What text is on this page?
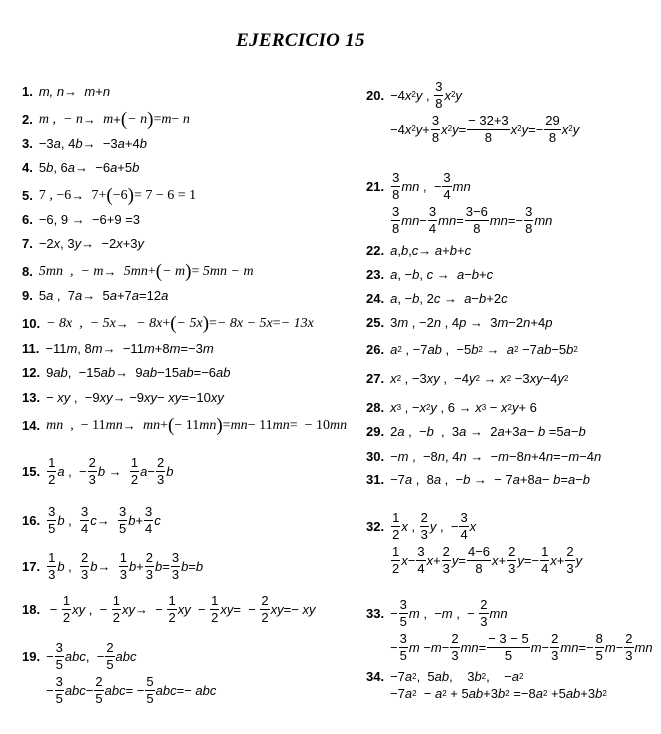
EJERCICIO 15
1. m, n → m + n
2. m ,  − n → m + ( − n ) = m − n
3. −3 a , 4 b →  −3 a +4 b
4. 5 b , 6 a →  −6 a +5 b
5. 7 , −6 → 7+ ( −6 ) = 7 − 6 = 1
6. −6, 9 →  −6+9 =3
7. −2 x , 3 y →  −2 x +3 y
8. 5mn  ,  − m → 5mn + ( − m ) = 5mn − m
9. 5 a ,  7 a →  5 a +7 a =12 a
10. − 8x  ,  − 5x → − 8x + ( − 5x ) = − 8x − 5x = − 13x
11. −11 m , 8 m →  −11 m +8 m =−3 m
12. 9 ab ,  −15 ab →  9 ab −15 ab =−6 ab
13. − xy ,  −9 xy → −9 xy − xy =−10 xy
14. mn ,  − 11 mn → mn + ( − 11 mn ) = mn − 11 mn =  − 10 mn
15.
1
2
a ,  − $\frac{2}{3}$ b →
1
2
$a - \frac{2}{3}$ b
16.
3
5
b ,
3
4
c →
3
5
$b + \frac{3}{4}$ c
17.
1
3
b ,
2
3
b →
1
3
$b + \frac{2}{3}$ $b = \frac{3}{3}$ b = b
18. − $\frac{1}{2}$ xy ,  − $\frac{1}{2}$ xy →  − $\frac{1}{2}$ xy − $\frac{1}{2}$ xy =  − $\frac{2}{2}$ xy =− xy
19. − $\frac{3}{5}$ abc ,  − $\frac{2}{5}$ abc
− $\frac{3}{5}$ abc − $\frac{2}{5}$ abc = − $\frac{5}{5}$ abc =− abc
20. −4 x 2 y ,
3
8
x 2 y
−4 x 2 $y + \frac{3}{8}$ x 2 $y = \frac{- 32+3}{8}$ x 2 $y =- \frac{29}{8}$ x 2 y
21.
3
8
mn ,  − $\frac{3}{4}$ mn
3
8
mn − $\frac{3}{4}$ mn = $\frac{3-6}{8}$ mn =− $\frac{3}{8}$ mn
22. a , b , c → a + b + c
23. a , − b , c → a − b + c
24. a , − b , 2 c → a − b +2 c
25. 3 m , −2 n , 4 p →  3 m −2 n +4 p
26. a 2 , −7 ab ,  −5 b 2 → a 2 −7 ab −5 b 2
27. x 2 , −3 xy ,  −4 y 2 → x 2 −3 xy −4 y 2
28. x 3 , − x 2 y , 6 → x 3 − x 2 y + 6
29. 2 a ,  − b ,  3 a →  2 a +3 a − b =5 a − b
30. − m ,  −8 n , 4 n →  − m −8 n +4 n =− m −4 n
31. −7 a ,  8 a ,  − b →  − 7 a +8 a − b = a − b
32.
1
2
x ,
2
3
y ,  − $\frac{3}{4}$ x
1
2
$x - \frac{3}{4}$ $x + \frac{2}{3}$ $y = \frac{4-6}{8}$ $x + \frac{2}{3}$ $y =- \frac{1}{4}$ $x + \frac{2}{3}$ y
33. − $\frac{3}{5}$ m ,  − m ,  − $\frac{2}{3}$ mn
− $\frac{3}{5}$ $m - m - \frac{2}{3}$ mn = $\frac{- 3 - 5}{5}$ $m - \frac{2}{3}$ mn =− $\frac{8}{5}$ $m - \frac{2}{3}$ mn
34. −7 a 2 ,  5 ab ,    3 b 2 ,    − a 2
−7 a 2 − a 2 + 5 ab +3 b 2 =−8 a 2 +5 ab +3 b 2
